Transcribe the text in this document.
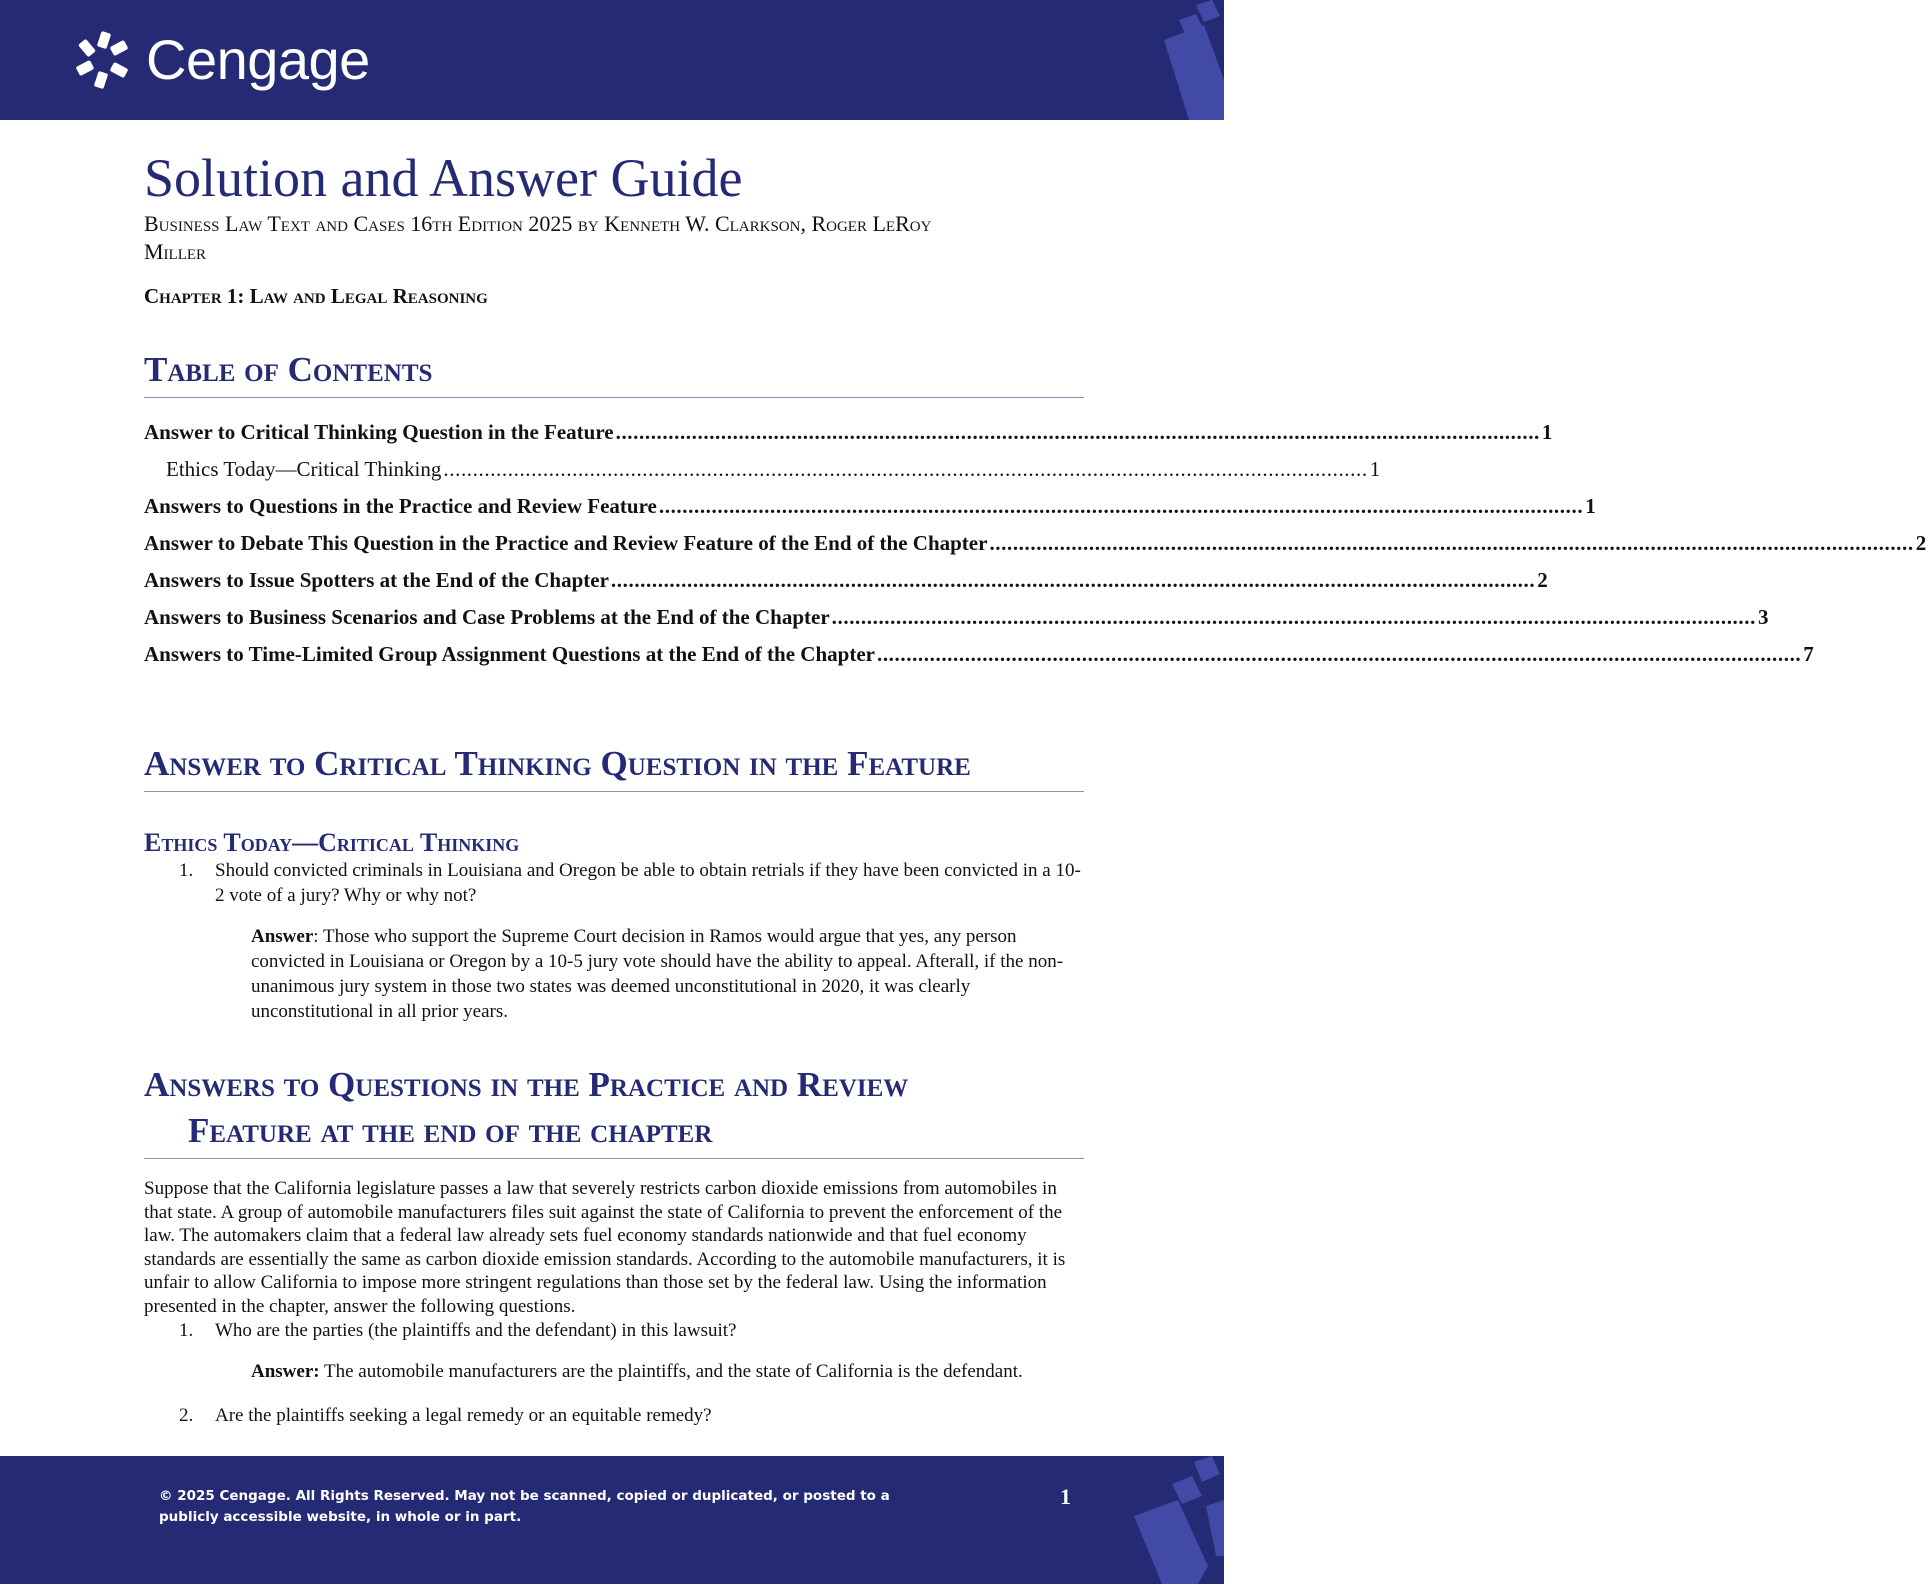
Cengage
Solution and Answer Guide

Business Law Text and Cases 16th Edition 2025 by Kenneth W. Clarkson, Roger LeRoy
Miller

Chapter 1: Law and Legal Reasoning

Table of Contents
Answer to Critical Thinking Question in the Feature .............................................................................................................................................................. 1
Ethics Today—Critical Thinking .............................................................................................................................................................. 1
Answers to Questions in the Practice and Review Feature .............................................................................................................................................................. 1
Answer to Debate This Question in the Practice and Review Feature of the End of the Chapter .............................................................................................................................................................. 2
Answers to Issue Spotters at the End of the Chapter .............................................................................................................................................................. 2
Answers to Business Scenarios and Case Problems at the End of the Chapter .............................................................................................................................................................. 3
Answers to Time-Limited Group Assignment Questions at the End of the Chapter .............................................................................................................................................................. 7
Answer to Critical Thinking Question in the Feature
Ethics Today—Critical Thinking
1. Should convicted criminals in Louisiana and Oregon be able to obtain retrials if they have been convicted in a 10-2 vote of a jury? Why or why not?

Answer: Those who support the Supreme Court decision in Ramos would argue that yes, any person convicted in Louisiana or Oregon by a 10-5 jury vote should have the ability to appeal. Afterall, if the non-unanimous jury system in those two states was deemed unconstitutional in 2020, it was clearly unconstitutional in all prior years.

Answers to Questions in the Practice and Review
Feature at the end of the chapter

Suppose that the California legislature passes a law that severely restricts carbon dioxide emissions from automobiles in that state. A group of automobile manufacturers files suit against the state of California to prevent the enforcement of the law. The automakers claim that a federal law already sets fuel economy standards nationwide and that fuel economy standards are essentially the same as carbon dioxide emission standards. According to the automobile manufacturers, it is unfair to allow California to impose more stringent regulations than those set by the federal law. Using the information presented in the chapter, answer the following questions.

1. Who are the parties (the plaintiffs and the defendant) in this lawsuit?

Answer: The automobile manufacturers are the plaintiffs, and the state of California is the defendant.

2. Are the plaintiffs seeking a legal remedy or an equitable remedy?
© 2025 Cengage. All Rights Reserved. May not be scanned, copied or duplicated, or posted to a publicly accessible website, in whole or in part.
1
